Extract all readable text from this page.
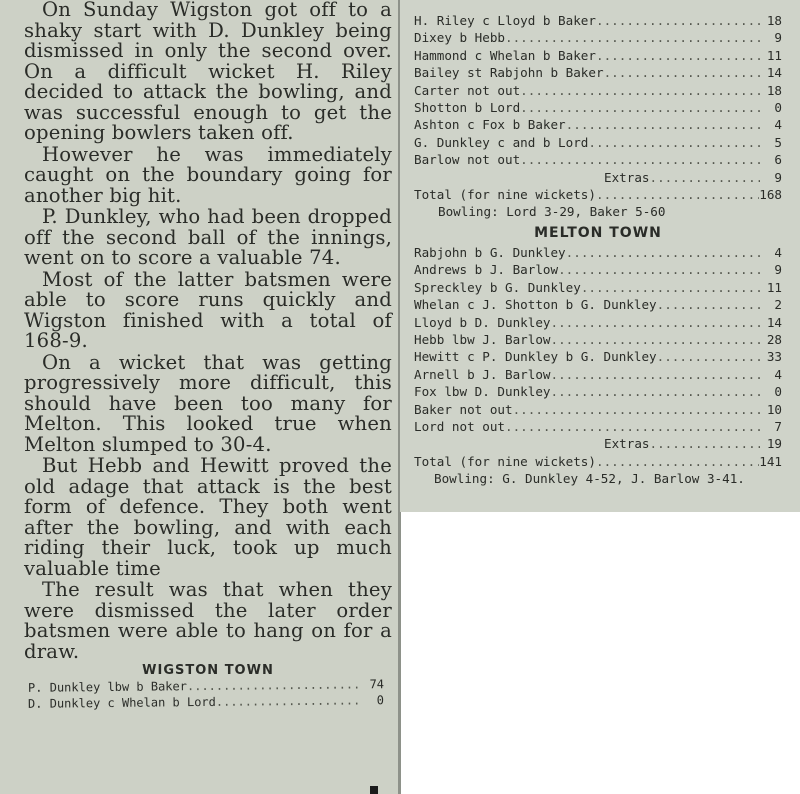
On Sunday Wigston got off to a shaky start with D. Dunkley being dismissed in only the second over. On a difficult wicket H. Riley decided to attack the bowling, and was successful enough to get the opening bowlers taken off.

However he was immediately caught on the boundary going for another big hit.

P. Dunkley, who had been dropped off the second ball of the innings, went on to score a valuable 74.

Most of the latter batsmen were able to score runs quickly and Wigston finished with a total of 168-9.

On a wicket that was getting progressively more difficult, this should have been too many for Melton. This looked true when Melton slumped to 30-4.

But Hebb and Hewitt proved the old adage that attack is the best form of defence. They both went after the bowling, and with each riding their luck, took up much valuable time

The result was that when they were dismissed the later order batsmen were able to hang on for a draw.

WIGSTON TOWN
P. Dunkley lbw b Baker .....	74
D. Dunkley c Whelan b Lord .....	0
H. Riley c Lloyd b Baker .....	18
Dixey b Hebb .....	9
Hammond c Whelan b Baker .....	11
Bailey st Rabjohn b Baker .....	14
Carter not out .....	18
Shotton b Lord .....	0
Ashton c Fox b Baker .....	4
G. Dunkley c and b Lord .....	5
Barlow not out .....	6
Extras .....	9
Total (for nine wickets) .....	168
Bowling: Lord 3-29, Baker 5-60
MELTON TOWN
Rabjohn b G. Dunkley .....	4
Andrews b J. Barlow .....	9
Spreckley b G. Dunkley .....	11
Whelan c J. Shotton b G. Dunkley .....	2
Lloyd b D. Dunkley .....	14
Hebb lbw J. Barlow .....	28
Hewitt c P. Dunkley b G. Dunkley .....	33
Arnell b J. Barlow .....	4
Fox lbw D. Dunkley .....	0
Baker not out .....	10
Lord not out .....	7
Extras .....	19
Total (for nine wickets) .....	141
Bowling: G. Dunkley 4-52, J. Barlow 3-41.
